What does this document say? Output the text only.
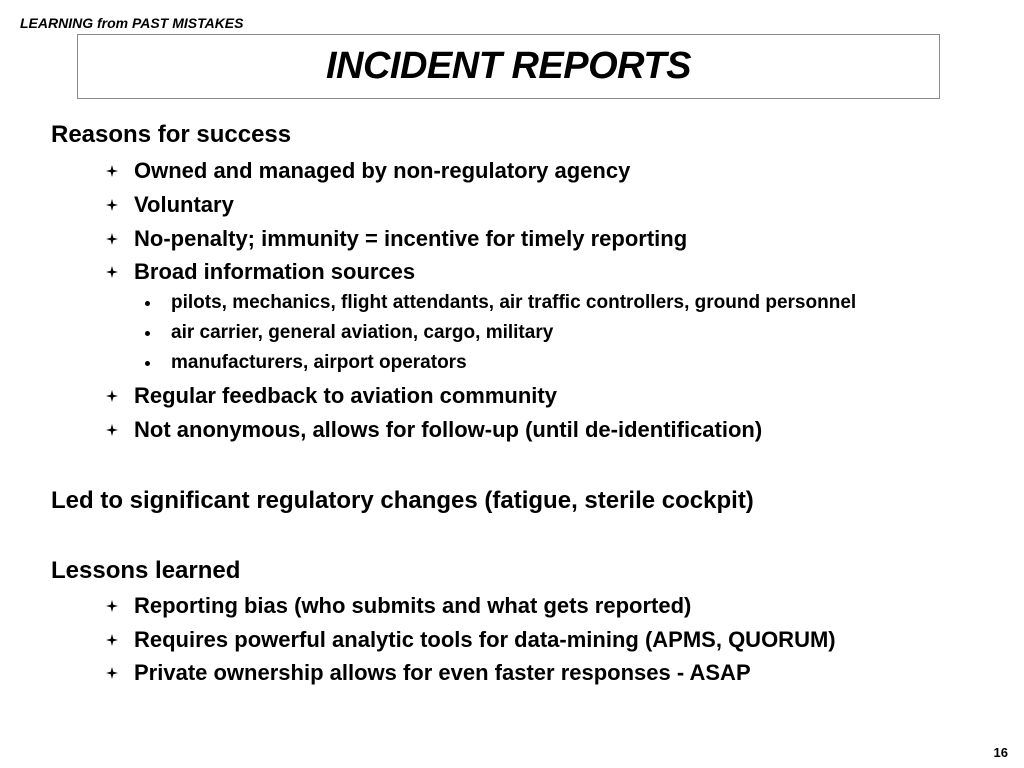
LEARNING from PAST MISTAKES
INCIDENT REPORTS
Reasons for success
Owned and managed by non-regulatory agency
Voluntary
No-penalty; immunity = incentive for timely reporting
Broad information sources
pilots, mechanics, flight attendants, air traffic controllers, ground personnel
air carrier, general aviation, cargo, military
manufacturers, airport operators
Regular feedback to aviation community
Not anonymous, allows for follow-up (until de-identification)
Led to significant regulatory changes (fatigue, sterile cockpit)
Lessons learned
Reporting bias (who submits and what gets reported)
Requires powerful analytic tools for data-mining (APMS, QUORUM)
Private ownership allows for even faster responses - ASAP
16
